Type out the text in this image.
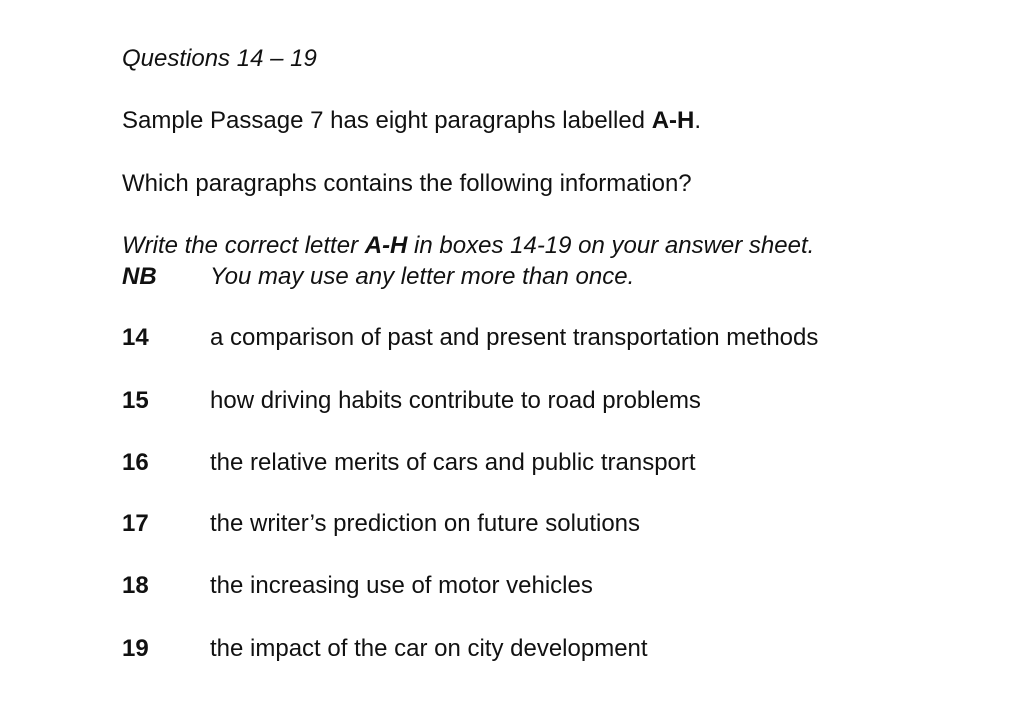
Questions 14 – 19
Sample Passage 7 has eight paragraphs labelled A-H.
Which paragraphs contains the following information?
Write the correct letter A-H in boxes 14-19 on your answer sheet.
NB You may use any letter more than once.
14	a comparison of past and present transportation methods
15	how driving habits contribute to road problems
16	the relative merits of cars and public transport
17	the writer’s prediction on future solutions
18	the increasing use of motor vehicles
19	the impact of the car on city development
